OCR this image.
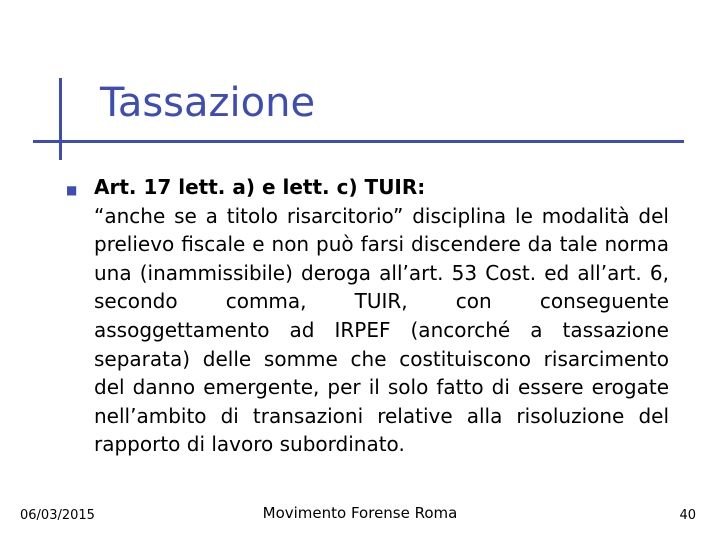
Tassazione
■ Art. 17 lett. a) e lett. c) TUIR:
“anche se a titolo risarcitorio” disciplina le modalità del prelievo fiscale e non può farsi discendere da tale norma una (inammissibile) deroga all’art. 53 Cost. ed all’art. 6, secondo comma, TUIR, con conseguente assoggettamento ad IRPEF (ancorché a tassazione separata) delle somme che costituiscono risarcimento del danno emergente, per il solo fatto di essere erogate nell’ambito di transazioni relative alla risoluzione del rapporto di lavoro subordinato.
06/03/2015	Movimento Forense Roma	40
